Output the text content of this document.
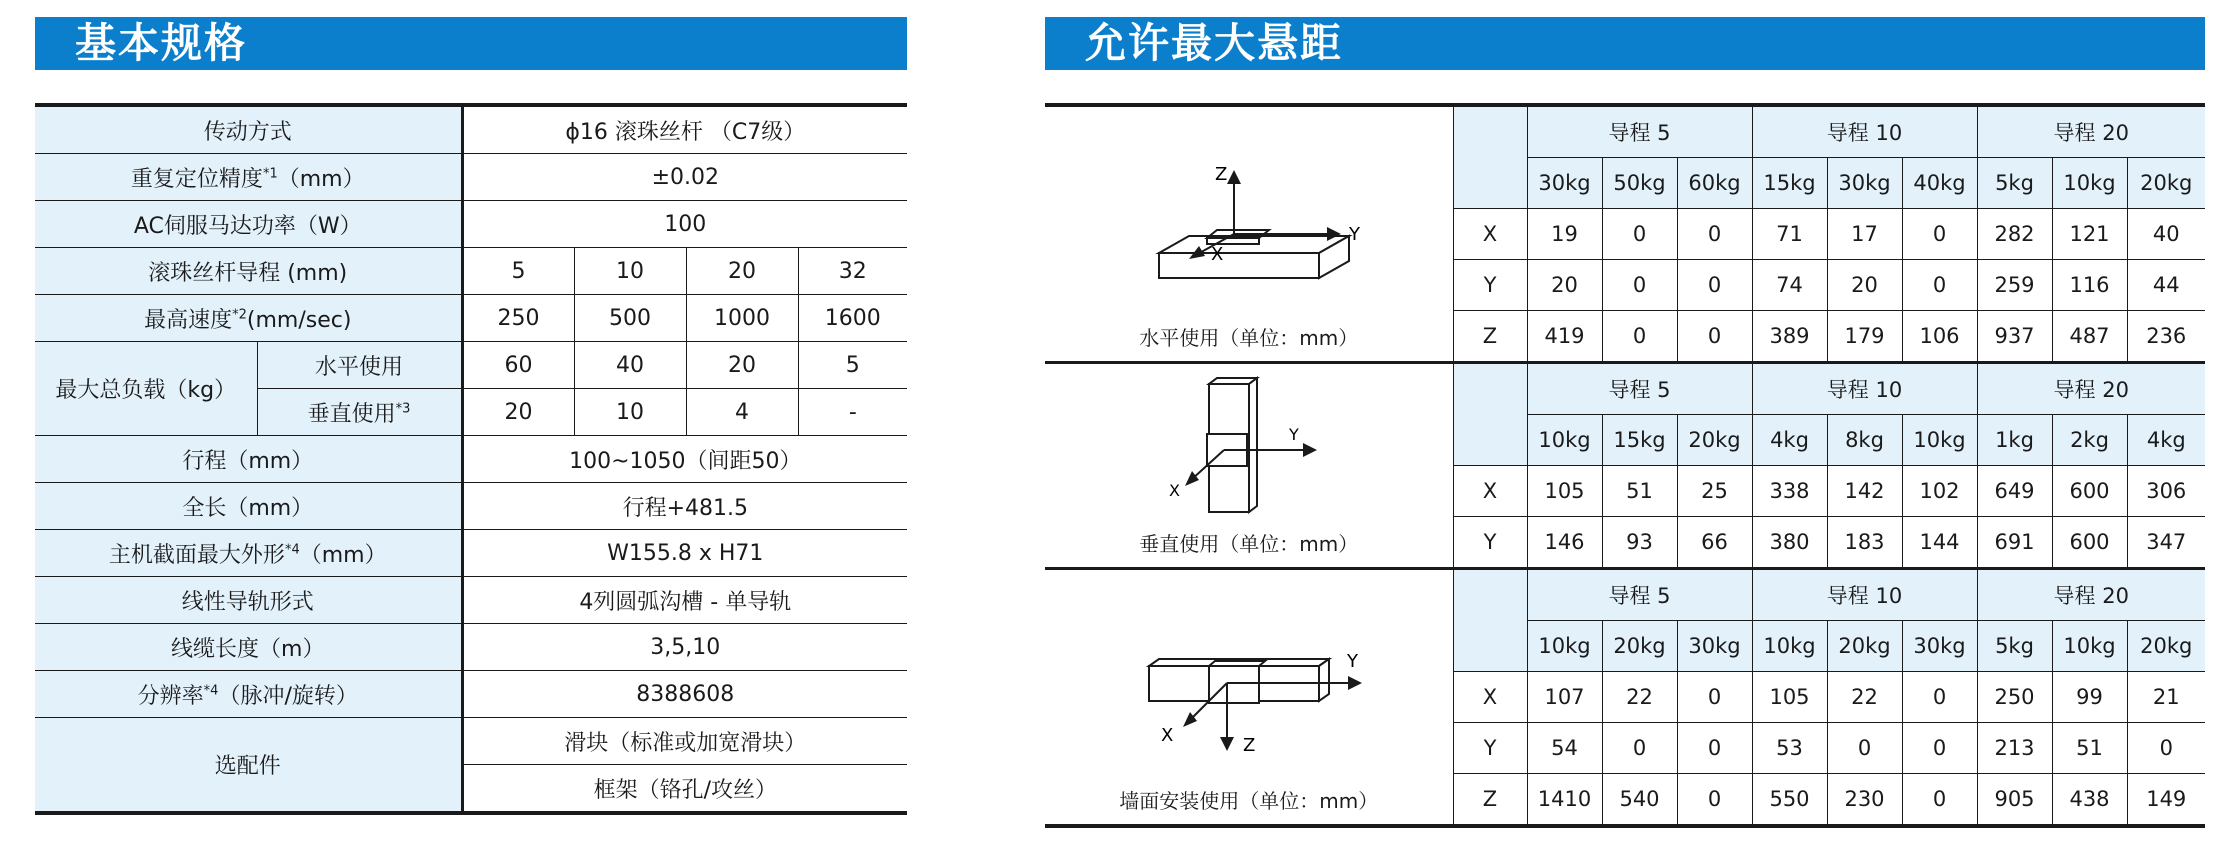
基本规格	允许最大悬距
传动方式		ϕ16 滚珠丝杆 （C7级）			
重复定位精度$^{*1}$（mm）		±0.02			
AC伺服马达功率（W）		100			
滚珠丝杆导程 (mm)		5	10	20	32
最高速度$^{*2}$(mm/sec)		250	500	1000	1600
最大总负载（kg）	水平使用	60	40	20	5
	垂直使用$^{*3}$	20	10	4	-
行程（mm）		100~1050（间距50）			
全长（mm）		行程+481.5			
主机截面最大外形$^{*4}$（mm）		W155.8 x H71			
线性导轨形式		4列圆弧沟槽 - 单导轨			
线缆长度（m）		3,5,10			
分辨率$^{*4}$（脉冲/旋转）		8388608			
选配件		滑块（标准或加宽滑块）			
		框架（铬孔/攻丝）			
Z
Y
X
水平使用（单位：mm）		导程 5			导程 10			导程 20		
		30kg	50kg	60kg	15kg	30kg	40kg	5kg	10kg	20kg
	X	19	0	0	71	17	0	282	121	40
	Y	20	0	0	74	20	0	259	116	44
	Z	419	0	0	389	179	106	937	487	236

Y
X
垂直使用（单位：mm）		导程 5			导程 10			导程 20		
		10kg	15kg	20kg	4kg	8kg	10kg	1kg	2kg	4kg
	X	105	51	25	338	142	102	649	600	306
	Y	146	93	66	380	183	144	691	600	347

Y
X Z
墙面安装使用（单位：mm）		导程 5			导程 10			导程 20		
		10kg	20kg	30kg	10kg	20kg	30kg	5kg	10kg	20kg
	X	107	22	0	105	22	0	250	99	21
	Y	54	0	0	53	0	0	213	51	0
	Z	1410	540	0	550	230	0	905	438	149
